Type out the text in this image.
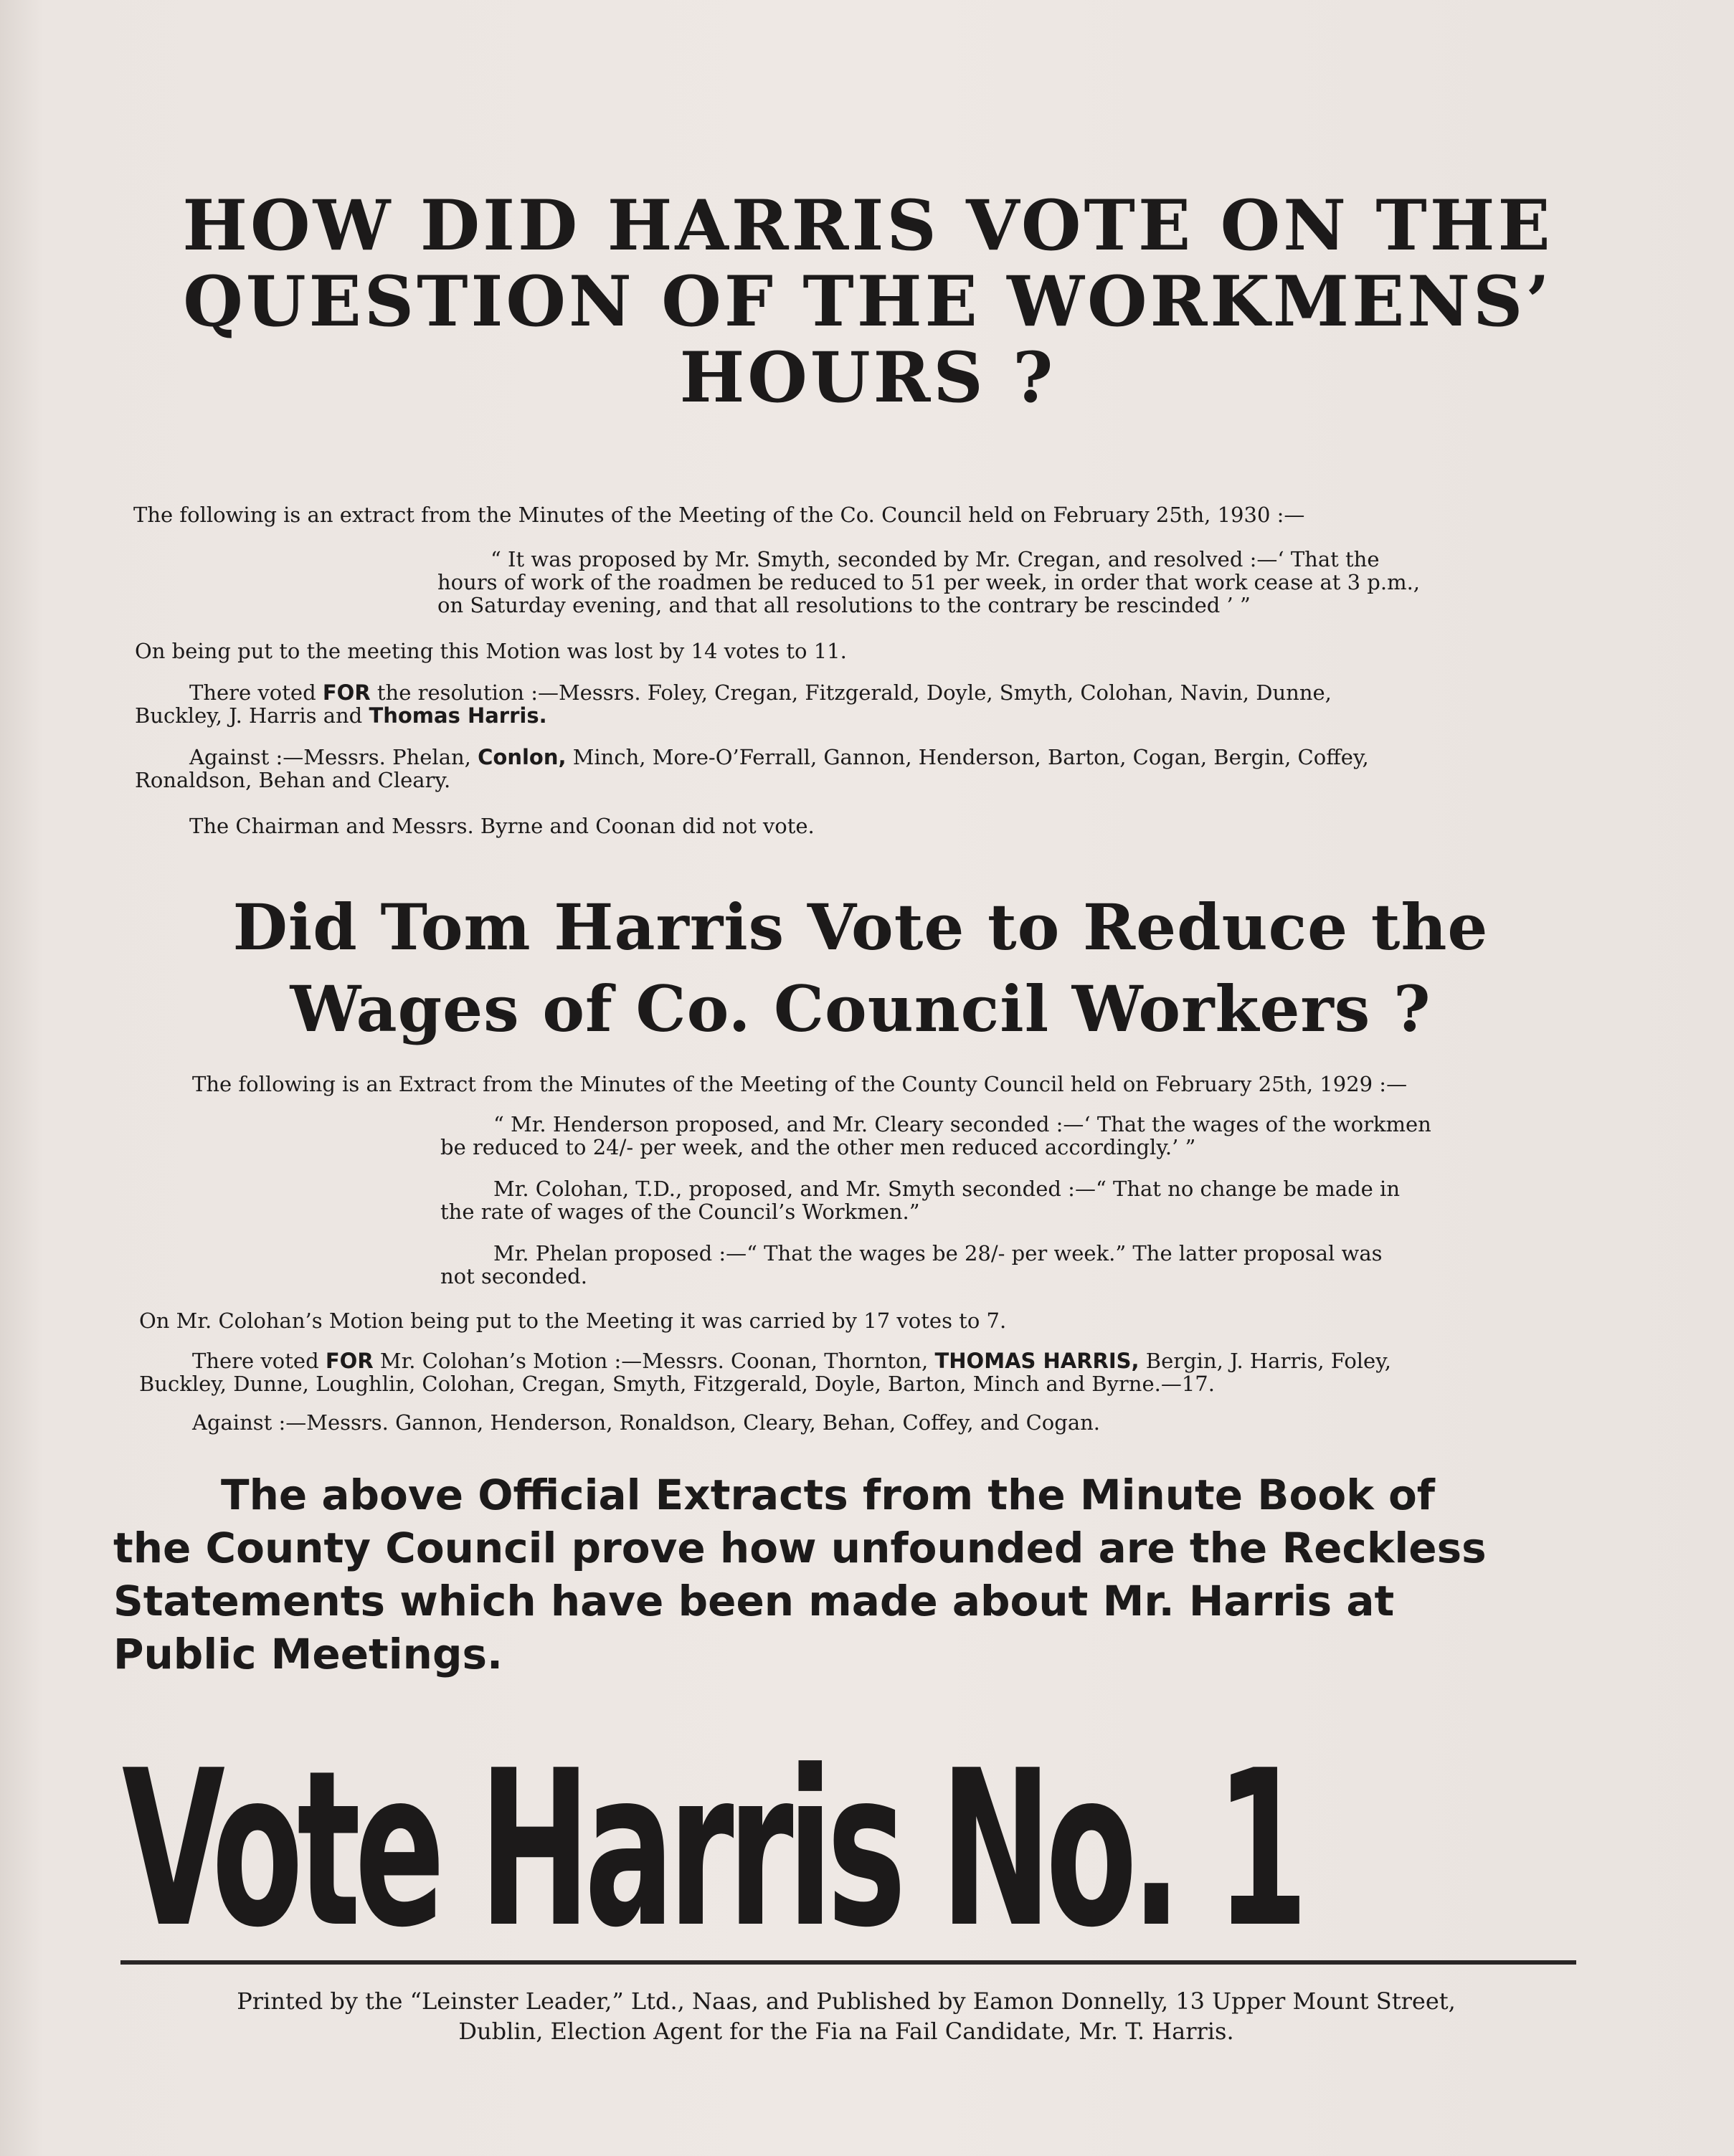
HOW DID HARRIS VOTE ON THE
QUESTION OF THE WORKMENS’
HOURS ?
The following is an extract from the Minutes of the Meeting of the Co. Council held on February 25th, 1930 :—
“ It was proposed by Mr. Smyth, seconded by Mr. Cregan, and resolved :—‘ That the
hours of work of the roadmen be reduced to 51 per week, in order that work cease at 3 p.m.,
on Saturday evening, and that all resolutions to the contrary be rescinded ’ ”
On being put to the meeting this Motion was lost by 14 votes to 11.
There voted FOR the resolution :—Messrs. Foley, Cregan, Fitzgerald, Doyle, Smyth, Colohan, Navin, Dunne,
Buckley, J. Harris and Thomas Harris.
Against :—Messrs. Phelan, Conlon, Minch, More-O’Ferrall, Gannon, Henderson, Barton, Cogan, Bergin, Coffey,
Ronaldson, Behan and Cleary.
The Chairman and Messrs. Byrne and Coonan did not vote.
Did Tom Harris Vote to Reduce the
Wages of Co. Council Workers ?
The following is an Extract from the Minutes of the Meeting of the County Council held on February 25th, 1929 :—
“ Mr. Henderson proposed, and Mr. Cleary seconded :—‘ That the wages of the workmen
be reduced to 24/- per week, and the other men reduced accordingly.’ ”
Mr. Colohan, T.D., proposed, and Mr. Smyth seconded :—“ That no change be made in
the rate of wages of the Council’s Workmen.”
Mr. Phelan proposed :—“ That the wages be 28/- per week.” The latter proposal was
not seconded.
On Mr. Colohan’s Motion being put to the Meeting it was carried by 17 votes to 7.
There voted FOR Mr. Colohan’s Motion :—Messrs. Coonan, Thornton, THOMAS HARRIS, Bergin, J. Harris, Foley,
Buckley, Dunne, Loughlin, Colohan, Cregan, Smyth, Fitzgerald, Doyle, Barton, Minch and Byrne.—17.
Against :—Messrs. Gannon, Henderson, Ronaldson, Cleary, Behan, Coffey, and Cogan.
The above Official Extracts from the Minute Book of
the County Council prove how unfounded are the Reckless
Statements which have been made about Mr. Harris at
Public Meetings.
Vote Harris No. 1
Printed by the “Leinster Leader,” Ltd., Naas, and Published by Eamon Donnelly, 13 Upper Mount Street,
Dublin, Election Agent for the Fia na Fail Candidate, Mr. T. Harris.
